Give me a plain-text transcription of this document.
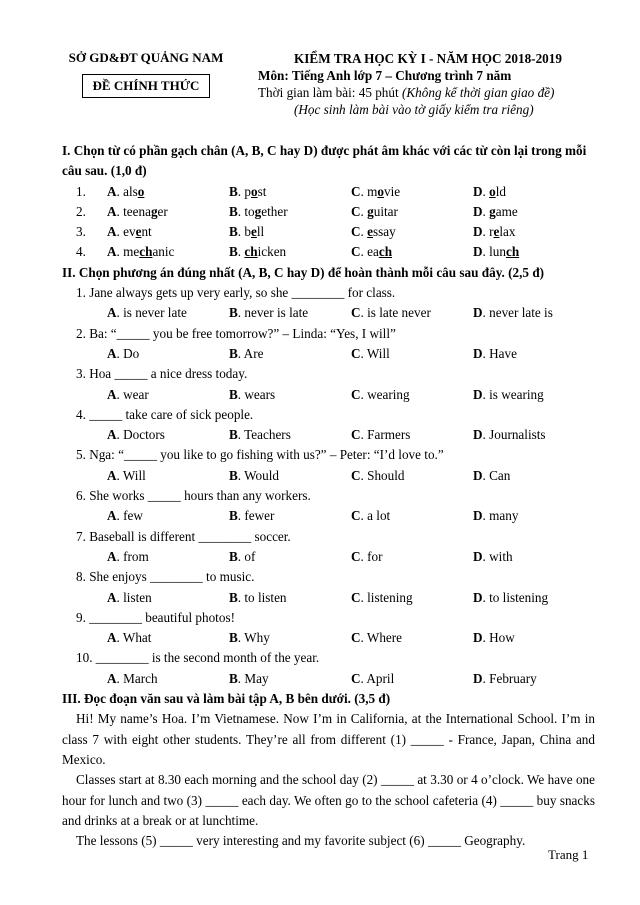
SỞ GD&ĐT QUẢNG NAM
ĐỀ CHÍNH THỨC
KIỂM TRA HỌC KỲ I - NĂM HỌC 2018-2019
Môn: Tiếng Anh lớp 7 – Chương trình 7 năm
Thời gian làm bài: 45 phút (Không kể thời gian giao đề)
(Học sinh làm bài vào tờ giấy kiểm tra riêng)
I. Chọn từ có phần gạch chân (A, B, C hay D) được phát âm khác với các từ còn lại trong mỗi câu sau. (1,0 đ)
1.	A. also	B. post	C. movie	D. old
2.	A. teenager	B. together	C. guitar	D. game
3.	A. event	B. bell	C. essay	D. relax
4.	A. mechanic	B. chicken	C. each	D. lunch
II. Chọn phương án đúng nhất (A, B, C hay D) để hoàn thành mỗi câu sau đây. (2,5 đ)
1. Jane always gets up very early, so she ________ for class.
A. is never late	B. never is late	C. is late never	D. never late is
2. Ba: “_____ you be free tomorrow?” – Linda: “Yes, I will”
A. Do	B. Are	C. Will	D. Have
3. Hoa _____ a nice dress today.
A. wear	B. wears	C. wearing	D. is wearing
4. _____ take care of sick people.
A. Doctors	B. Teachers	C. Farmers	D. Journalists
5. Nga: “_____ you like to go fishing with us?” – Peter: “I’d love to.”
A. Will	B. Would	C. Should	D. Can
6. She works _____ hours than any workers.
A. few	B. fewer	C. a lot	D. many
7. Baseball is different ________ soccer.
A. from	B. of	C. for	D. with
8. She enjoys ________ to music.
A. listen	B. to listen	C. listening	D. to listening
9. ________ beautiful photos!
A. What	B. Why	C. Where	D. How
10. ________ is the second month of the year.
A. March	B. May	C. April	D. February
III. Đọc đoạn văn sau và làm bài tập A, B bên dưới. (3,5 đ)
Hi! My name’s Hoa. I’m Vietnamese. Now I’m in California, at the International School. I’m in class 7 with eight other students. They’re all from different (1) _____ - France, Japan, China and Mexico.
Classes start at 8.30 each morning and the school day (2) _____ at 3.30 or 4 o’clock. We have one hour for lunch and two (3) _____ each day. We often go to the school cafeteria (4) _____ buy snacks and drinks at a break or at lunchtime.
The lessons (5) _____ very interesting and my favorite subject (6) _____ Geography.
Trang 1
